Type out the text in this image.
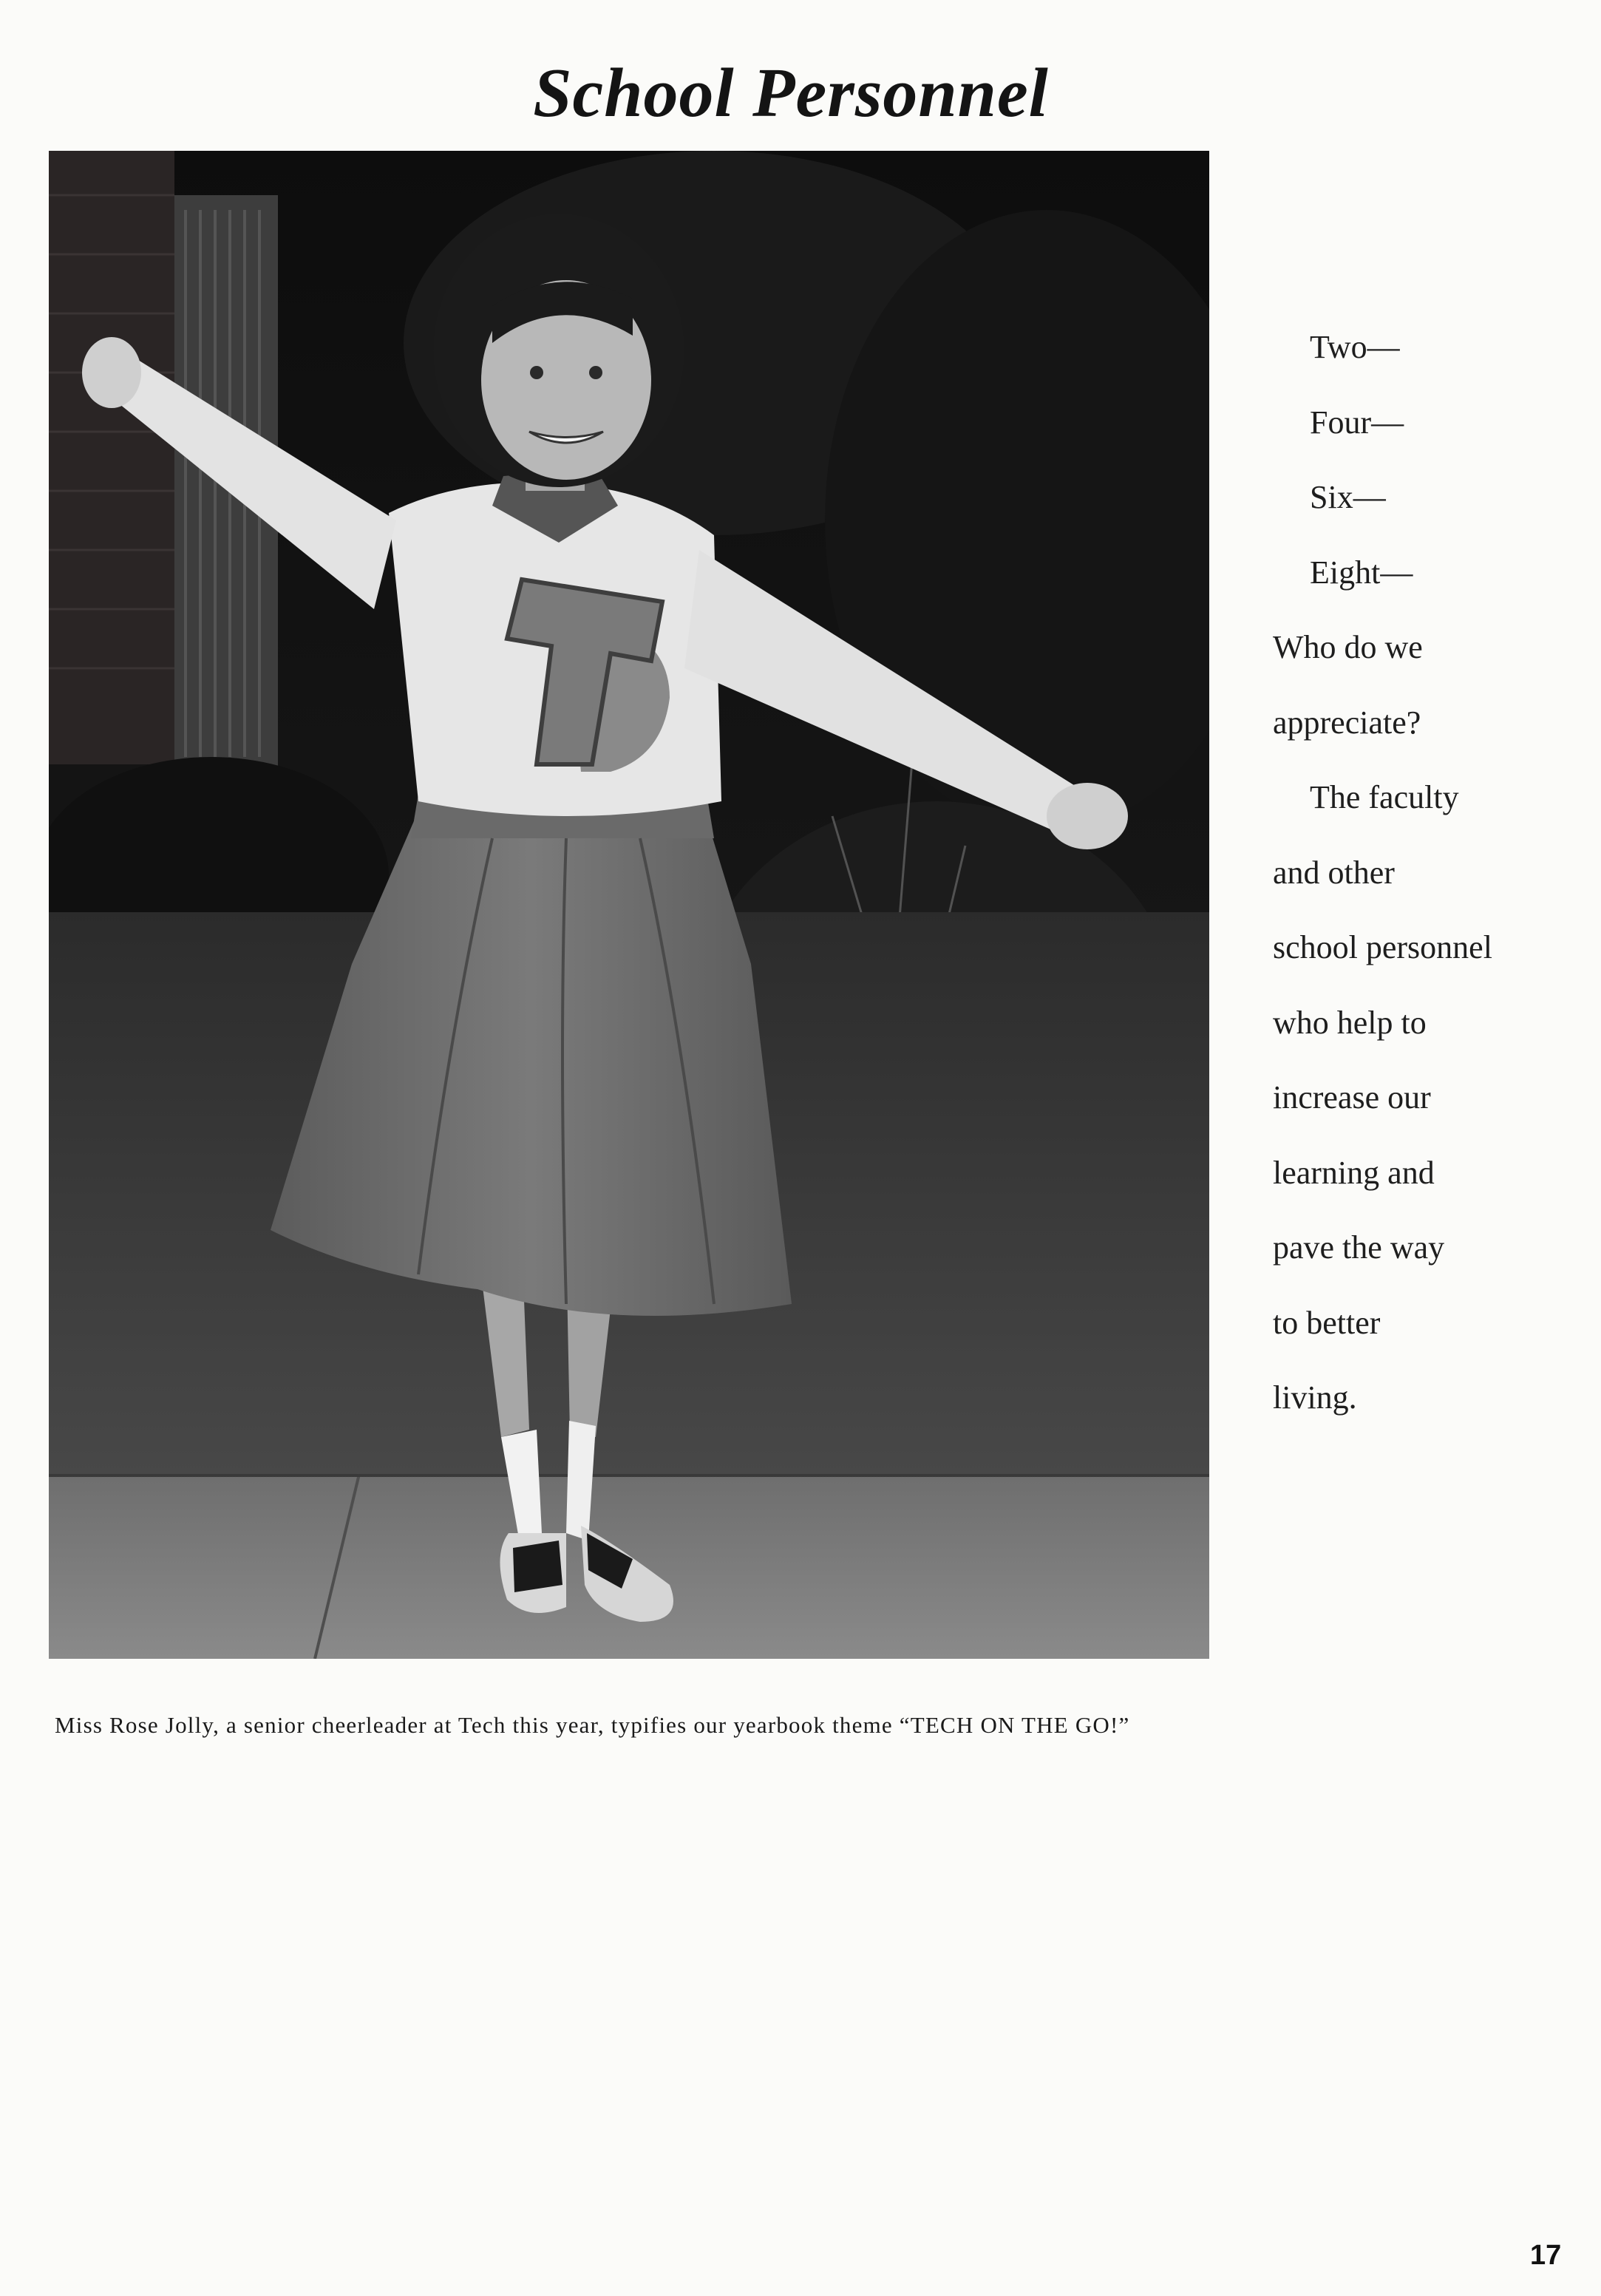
School Personnel
T
Two—
Four—
Six—
Eight—
Who do we
appreciate?
The faculty
and other
school personnel
who help to
increase our
learning and
pave the way
to better
living.

Miss Rose Jolly, a senior cheerleader at Tech this year, typifies our yearbook theme “TECH ON THE GO!”

17
